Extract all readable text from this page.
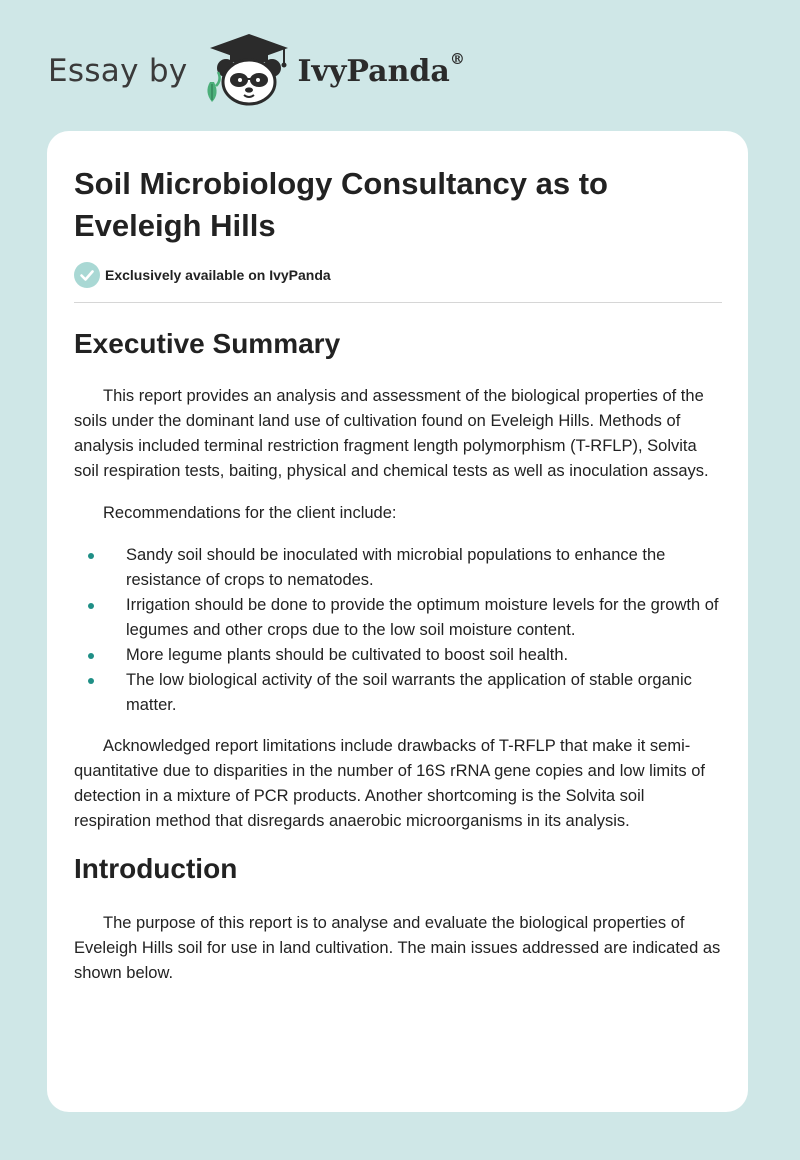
Essay by	IvyPanda®
Soil Microbiology Consultancy as to Eveleigh Hills
Exclusively available on IvyPanda
Executive Summary

This report provides an analysis and assessment of the biological properties of the soils under the dominant land use of cultivation found on Eveleigh Hills. Methods of analysis included terminal restriction fragment length polymorphism (T-RFLP), Solvita soil respiration tests, baiting, physical and chemical tests as well as inoculation assays.

Recommendations for the client include:

Sandy soil should be inoculated with microbial populations to enhance the resistance of crops to nematodes.
Irrigation should be done to provide the optimum moisture levels for the growth of legumes and other crops due to the low soil moisture content.
More legume plants should be cultivated to boost soil health.
The low biological activity of the soil warrants the application of stable organic matter.

Acknowledged report limitations include drawbacks of T-RFLP that make it semi-quantitative due to disparities in the number of 16S rRNA gene copies and low limits of detection in a mixture of PCR products. Another shortcoming is the Solvita soil respiration method that disregards anaerobic microorganisms in its analysis.

Introduction

The purpose of this report is to analyse and evaluate the biological properties of Eveleigh Hills soil for use in land cultivation. The main issues addressed are indicated as shown below.
